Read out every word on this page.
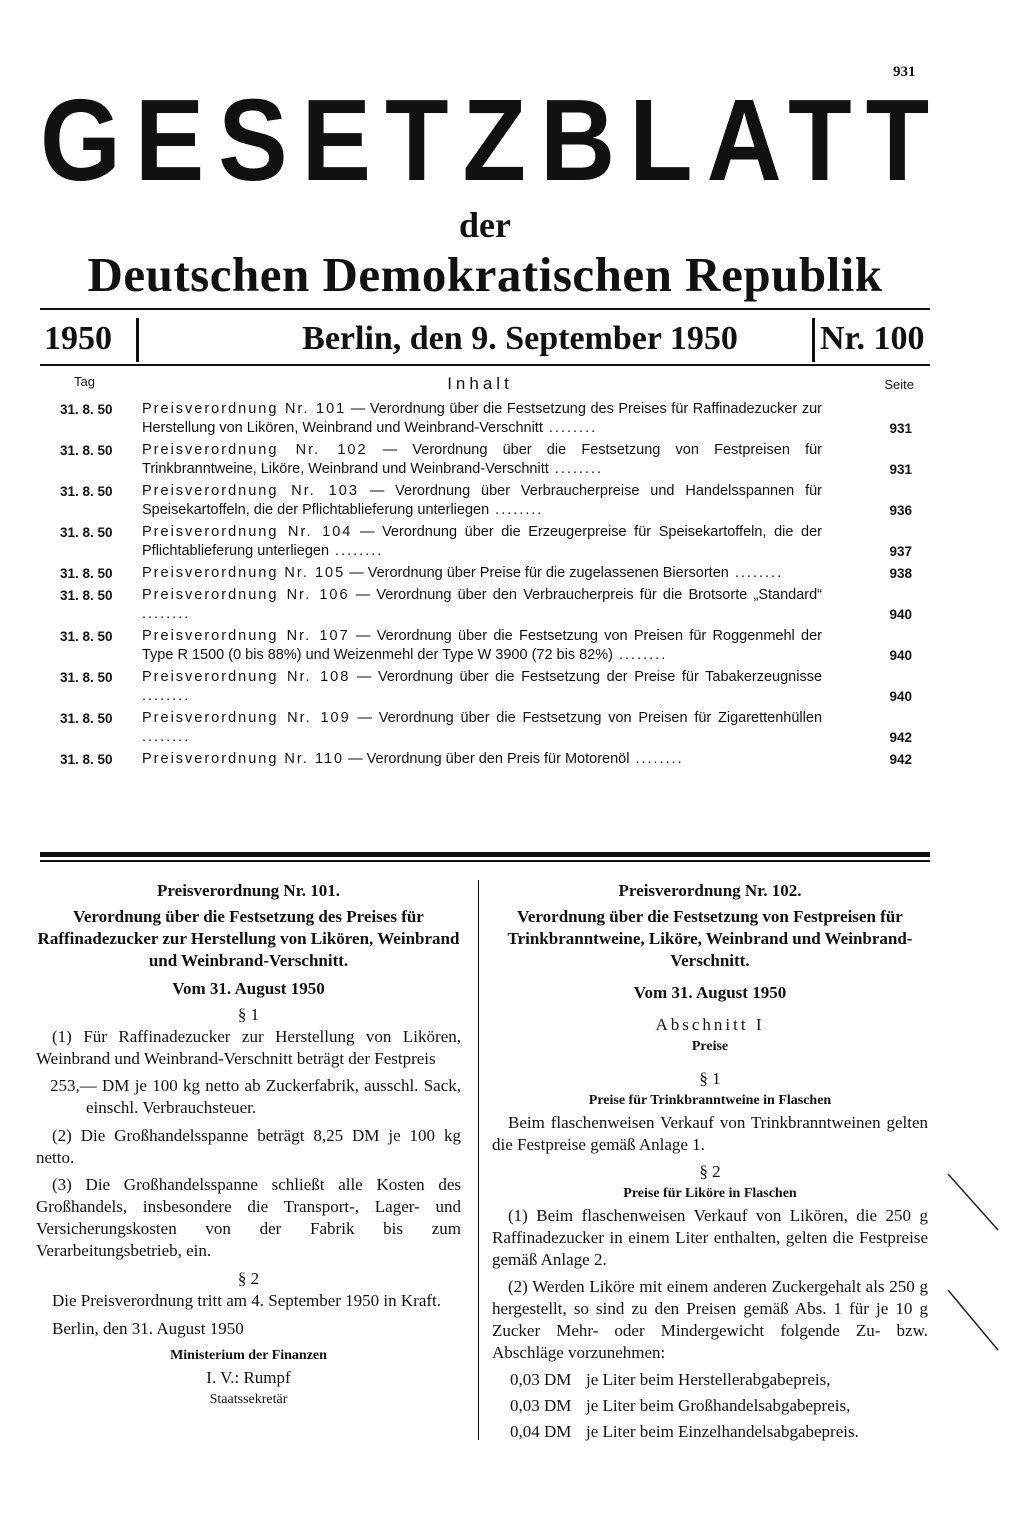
931
GESETZBLATT
der
Deutschen Demokratischen Republik
1950	Berlin, den 9. September 1950	Nr. 100
Tag	Inhalt	Seite
31. 8. 50	Preisverordnung Nr. 101 — Verordnung über die Festsetzung des Preises für Raffinadezucker zur Herstellung von Likören, Weinbrand und Weinbrand-Verschnitt ........	931
31. 8. 50	Preisverordnung Nr. 102 — Verordnung über die Festsetzung von Festpreisen für Trinkbranntweine, Liköre, Weinbrand und Weinbrand-Verschnitt ........	931
31. 8. 50	Preisverordnung Nr. 103 — Verordnung über Verbraucherpreise und Handelsspannen für Speisekartoffeln, die der Pflichtablieferung unterliegen ........	936
31. 8. 50	Preisverordnung Nr. 104 — Verordnung über die Erzeugerpreise für Speisekartoffeln, die der Pflichtablieferung unterliegen ........	937
31. 8. 50	Preisverordnung Nr. 105 — Verordnung über Preise für die zugelassenen Biersorten ........	938
31. 8. 50	Preisverordnung Nr. 106 — Verordnung über den Verbraucherpreis für die Brotsorte „Standard“ ........	940
31. 8. 50	Preisverordnung Nr. 107 — Verordnung über die Festsetzung von Preisen für Roggenmehl der Type R 1500 (0 bis 88%) und Weizenmehl der Type W 3900 (72 bis 82%) ........	940
31. 8. 50	Preisverordnung Nr. 108 — Verordnung über die Festsetzung der Preise für Tabakerzeugnisse ........	940
31. 8. 50	Preisverordnung Nr. 109 — Verordnung über die Festsetzung von Preisen für Zigarettenhüllen ........	942
31. 8. 50	Preisverordnung Nr. 110 — Verordnung über den Preis für Motorenöl ........	942
Preisverordnung Nr. 101.
Verordnung über die Festsetzung des Preises für Raffinadezucker zur Herstellung von Likören, Weinbrand und Weinbrand-Verschnitt.
Vom 31. August 1950
§ 1
(1) Für Raffinadezucker zur Herstellung von Likören, Weinbrand und Weinbrand-Verschnitt beträgt der Festpreis
253,— DM je 100 kg netto ab Zuckerfabrik, ausschl. Sack, einschl. Verbrauchsteuer.
(2) Die Großhandelsspanne beträgt 8,25 DM je 100 kg netto.
(3) Die Großhandelsspanne schließt alle Kosten des Großhandels, insbesondere die Transport-, Lager- und Versicherungskosten von der Fabrik bis zum Verarbeitungsbetrieb, ein.
§ 2
Die Preisverordnung tritt am 4. September 1950 in Kraft.
Berlin, den 31. August 1950
Ministerium der Finanzen
I. V.: Rumpf
Staatssekretär
Preisverordnung Nr. 102.
Verordnung über die Festsetzung von Festpreisen für Trinkbranntweine, Liköre, Weinbrand und Weinbrand-Verschnitt.
Vom 31. August 1950
Abschnitt I
Preise
§ 1
Preise für Trinkbranntweine in Flaschen
Beim flaschenweisen Verkauf von Trinkbranntweinen gelten die Festpreise gemäß Anlage 1.
§ 2
Preise für Liköre in Flaschen
(1) Beim flaschenweisen Verkauf von Likören, die 250 g Raffinadezucker in einem Liter enthalten, gelten die Festpreise gemäß Anlage 2.
(2) Werden Liköre mit einem anderen Zuckergehalt als 250 g hergestellt, so sind zu den Preisen gemäß Abs. 1 für je 10 g Zucker Mehr- oder Mindergewicht folgende Zu- bzw. Abschläge vorzunehmen:
0,03 DM je Liter beim Herstellerabgabepreis,
0,03 DM je Liter beim Großhandelsabgabepreis,
0,04 DM je Liter beim Einzelhandelsabgabepreis.
